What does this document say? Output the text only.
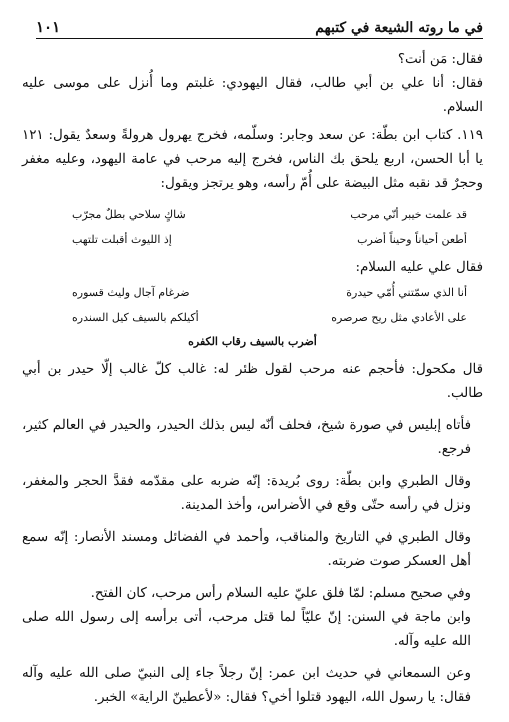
في ما روته الشيعة في كتبهم
١٠١

فقال: مَن أنت؟

فقال: أنا علي بن أبي طالب، فقال اليهودي: غلبتم وما أُنزل على موسى عليه السلام.

١١٩. كتاب ابن بطّة: عن سعد وجابر: وسلّمه، فخرج يهرول هرولةً وسعدٌ يقول: ١٢١ يا أبا الحسن، اربع يلحق بك الناس، فخرج إليه مرحب في عامة اليهود، وعليه مغفر وحجرٌ قد نقبه مثل البيضة على أُمّ رأسه، وهو يرتجز ويقول:

قد علمت خيبر أنّي مرحب
شاكٍ سلاحي بطلٌ مجرّب
أطعن أحياناً وحيناً أضرب
إذ الليوث أقبلت تلتهب

فقال علي عليه السلام:

أنا الذي سمّتني أُمّي حيدرة
ضرغام آجال وليث قسوره
على الأعادي مثل ريح صرصره
أكيلكم بالسيف كيل السندره
أضرب بالسيف رقاب الكفره

قال مكحول: فأحجم عنه مرحب لقول ظئر له: غالب كلّ غالب إلّا حيدر بن أبي طالب.

فأتاه إبليس في صورة شيخ، فحلف أنّه ليس بذلك الحيدر، والحيدر في العالم كثير، فرجع.

وقال الطبري وابن بطّة: روى بُريدة: إنّه ضربه على مقدّمه فقدَّ الحجر والمغفر، ونزل في رأسه حتّى وقع في الأضراس، وأخذ المدينة.

وقال الطبري في التاريخ والمناقب، وأحمد في الفضائل ومسند الأنصار: إنّه سمع أهل العسكر صوت ضربته.

وفي صحيح مسلم: لمّا فلق عليّ عليه السلام رأس مرحب، كان الفتح.

وابن ماجة في السنن: إنّ عليّاً لما قتل مرحب، أتى برأسه إلى رسول الله صلى الله عليه وآله.

وعن السمعاني في حديث ابن عمر: إنّ رجلاً جاء إلى النبيّ صلى الله عليه وآله فقال: يا رسول الله، اليهود قتلوا أخي؟ فقال: «لأعطينّ الراية» الخبر.
